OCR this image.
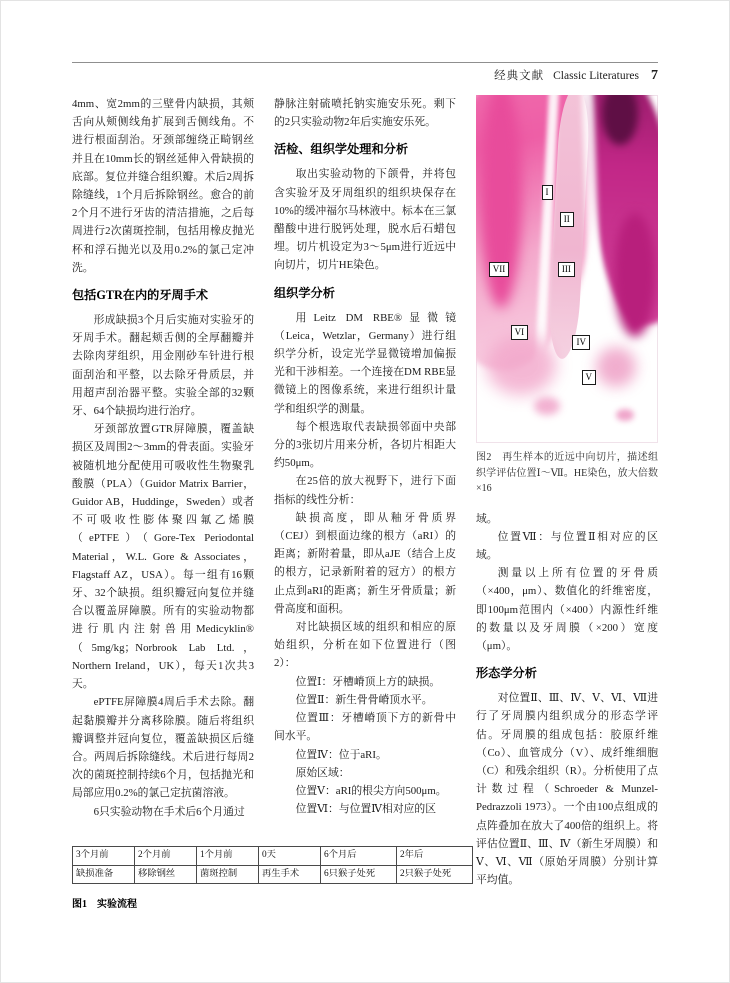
经典文献 Classic Literatures 7

4mm、宽2mm的三壁骨内缺损，其颊舌向从颊侧线角扩展到舌侧线角。不进行根面刮治。牙颈部缠绕正畸钢丝并且在10mm长的钢丝延伸入骨缺损的底部。复位并缝合组织瓣。术后2周拆除缝线，1个月后拆除钢丝。愈合的前2个月不进行牙齿的清洁措施，之后每周进行2次菌斑控制，包括用橡皮抛光杯和浮石抛光以及用0.2%的氯己定冲洗。

包括GTR在内的牙周手术

形成缺损3个月后实施对实验牙的牙周手术。翻起颊舌侧的全厚翻瓣并去除肉芽组织，用金刚砂车针进行根面刮治和平整，以去除牙骨质层，并用超声刮治器平整。实验全部的32颗牙、64个缺损均进行治疗。

牙颈部放置GTR屏障膜，覆盖缺损区及周围2～3mm的骨表面。实验牙被随机地分配使用可吸收性生物聚乳酸膜（PLA）（Guidor Matrix Barrier，Guidor AB，Huddinge，Sweden）或者不可吸收性膨体聚四氟乙烯膜（ePTFE）（Gore-Tex Periodontal Material，W.L. Gore & Associates，Flagstaff AZ，USA）。每一组有16颗牙、32个缺损。组织瓣冠向复位并缝合以覆盖屏障膜。所有的实验动物都进行肌内注射兽用Medicyklin®（5mg/kg；Norbrook Lab Ltd.，Northern Ireland，UK），每天1次共3天。

ePTFE屏障膜4周后手术去除。翻起黏膜瓣并分离移除膜。随后将组织瓣调整并冠向复位，覆盖缺损区后缝合。两周后拆除缝线。术后进行每周2次的菌斑控制持续6个月，包括抛光和局部应用0.2%的氯己定抗菌溶液。

6只实验动物在手术后6个月通过

静脉注射硫喷托钠实施安乐死。剩下的2只实验动物2年后实施安乐死。

活检、组织学处理和分析

取出实验动物的下颌骨，并将包含实验牙及牙周组织的组织块保存在10%的缓冲福尔马林液中。标本在三氯醋酸中进行脱钙处理，脱水后石蜡包埋。切片机设定为3～5μm进行近远中向切片，切片HE染色。

组织学分析

用Leitz DM RBE®显微镜（Leica，Wetzlar，Germany）进行组织学分析，设定光学显微镜增加偏振光和干涉相差。一个连接在DM RBE显微镜上的图像系统，来进行组织计量学和组织学的测量。

每个根选取代表缺损邻面中央部分的3张切片用来分析，各切片相距大约50μm。

在25倍的放大视野下，进行下面指标的线性分析：

缺损高度，即从釉牙骨质界（CEJ）到根面边缘的根方（aRI）的距离；新附着量，即从aJE（结合上皮的根方，记录新附着的冠方）的根方止点到aRI的距离；新生牙骨质量；新骨高度和面积。

对比缺损区域的组织和相应的原始组织，分析在如下位置进行（图2）：

位置Ⅰ：牙槽嵴顶上方的缺损。

位置Ⅱ：新生骨骨嵴顶水平。

位置Ⅲ：牙槽嵴顶下方的新骨中间水平。

位置Ⅳ：位于aRI。

原始区域：

位置Ⅴ：aRI的根尖方向500μm。

位置Ⅵ：与位置Ⅳ相对应的区

I
II
III
IV
V
VI
VII
图2　再生样本的近远中向切片，描述组织学评估位置Ⅰ～Ⅶ。HE染色，放大倍数×16

域。

位置Ⅶ：与位置Ⅱ相对应的区域。

测量以上所有位置的牙骨质（×400，μm）、数值化的纤维密度，即100μm范围内（×400）内源性纤维的数量以及牙周膜（×200）宽度（μm）。

形态学分析

对位置Ⅱ、Ⅲ、Ⅳ、Ⅴ、Ⅵ、Ⅶ进行了牙周膜内组织成分的形态学评估。牙周膜的组成包括：胶原纤维（Co）、血管成分（V）、成纤维细胞（C）和残余组织（R）。分析使用了点计数过程（Schroeder & Munzel-Pedrazzoli 1973）。一个由100点组成的点阵叠加在放大了400倍的组织上。将评估位置Ⅱ、Ⅲ、Ⅳ（新生牙周膜）和Ⅴ、Ⅵ、Ⅶ（原始牙周膜）分别计算平均值。

3个月前	2个月前	1个月前	0天	6个月后	2年后
缺损准备	移除钢丝	菌斑控制	再生手术	6只猴子处死	2只猴子处死
图1　实验流程
